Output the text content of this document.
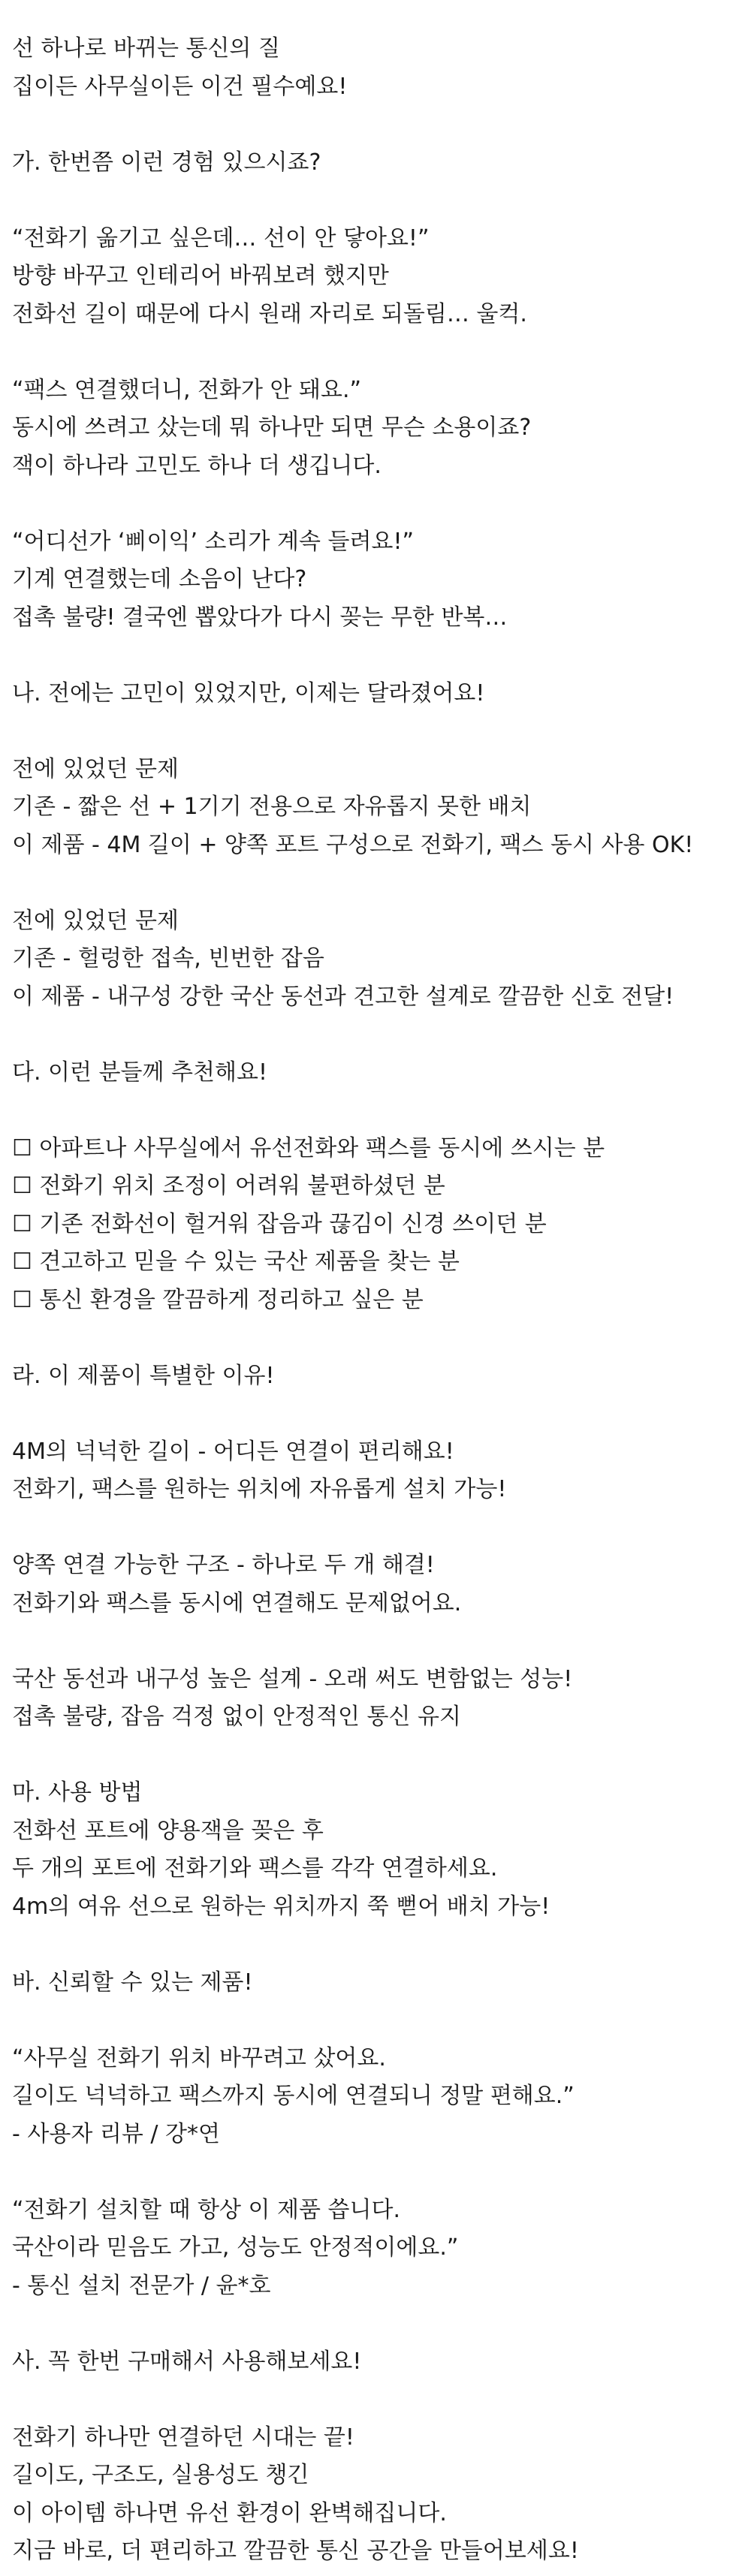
선 하나로 바뀌는 통신의 질
집이든 사무실이든 이건 필수예요!
가. 한번쯤 이런 경험 있으시죠?
“전화기 옮기고 싶은데… 선이 안 닿아요!”
방향 바꾸고 인테리어 바꿔보려 했지만
전화선 길이 때문에 다시 원래 자리로 되돌림… 울컥.
“팩스 연결했더니, 전화가 안 돼요.”
동시에 쓰려고 샀는데 뭐 하나만 되면 무슨 소용이죠?
잭이 하나라 고민도 하나 더 생깁니다.
“어디선가 ‘삐이익’ 소리가 계속 들려요!”
기계 연결했는데 소음이 난다?
접촉 불량! 결국엔 뽑았다가 다시 꽂는 무한 반복…
나. 전에는 고민이 있었지만, 이제는 달라졌어요!
전에 있었던 문제
기존 - 짧은 선 + 1기기 전용으로 자유롭지 못한 배치
이 제품 - 4M 길이 + 양쪽 포트 구성으로 전화기, 팩스 동시 사용 OK!
전에 있었던 문제
기존 - 헐렁한 접속, 빈번한 잡음
이 제품 - 내구성 강한 국산 동선과 견고한 설계로 깔끔한 신호 전달!
다. 이런 분들께 추천해요!
☐ 아파트나 사무실에서 유선전화와 팩스를 동시에 쓰시는 분
☐ 전화기 위치 조정이 어려워 불편하셨던 분
☐ 기존 전화선이 헐거워 잡음과 끊김이 신경 쓰이던 분
☐ 견고하고 믿을 수 있는 국산 제품을 찾는 분
☐ 통신 환경을 깔끔하게 정리하고 싶은 분
라. 이 제품이 특별한 이유!
4M의 넉넉한 길이 - 어디든 연결이 편리해요!
전화기, 팩스를 원하는 위치에 자유롭게 설치 가능!
양쪽 연결 가능한 구조 - 하나로 두 개 해결!
전화기와 팩스를 동시에 연결해도 문제없어요.
국산 동선과 내구성 높은 설계 - 오래 써도 변함없는 성능!
접촉 불량, 잡음 걱정 없이 안정적인 통신 유지
마. 사용 방법
전화선 포트에 양용잭을 꽂은 후
두 개의 포트에 전화기와 팩스를 각각 연결하세요.
4m의 여유 선으로 원하는 위치까지 쭉 뻗어 배치 가능!
바. 신뢰할 수 있는 제품!
“사무실 전화기 위치 바꾸려고 샀어요.
길이도 넉넉하고 팩스까지 동시에 연결되니 정말 편해요.”
- 사용자 리뷰 / 강*연
“전화기 설치할 때 항상 이 제품 씁니다.
국산이라 믿음도 가고, 성능도 안정적이에요.”
- 통신 설치 전문가 / 윤*호
사. 꼭 한번 구매해서 사용해보세요!
전화기 하나만 연결하던 시대는 끝!
길이도, 구조도, 실용성도 챙긴
이 아이템 하나면 유선 환경이 완벽해집니다.
지금 바로, 더 편리하고 깔끔한 통신 공간을 만들어보세요!
